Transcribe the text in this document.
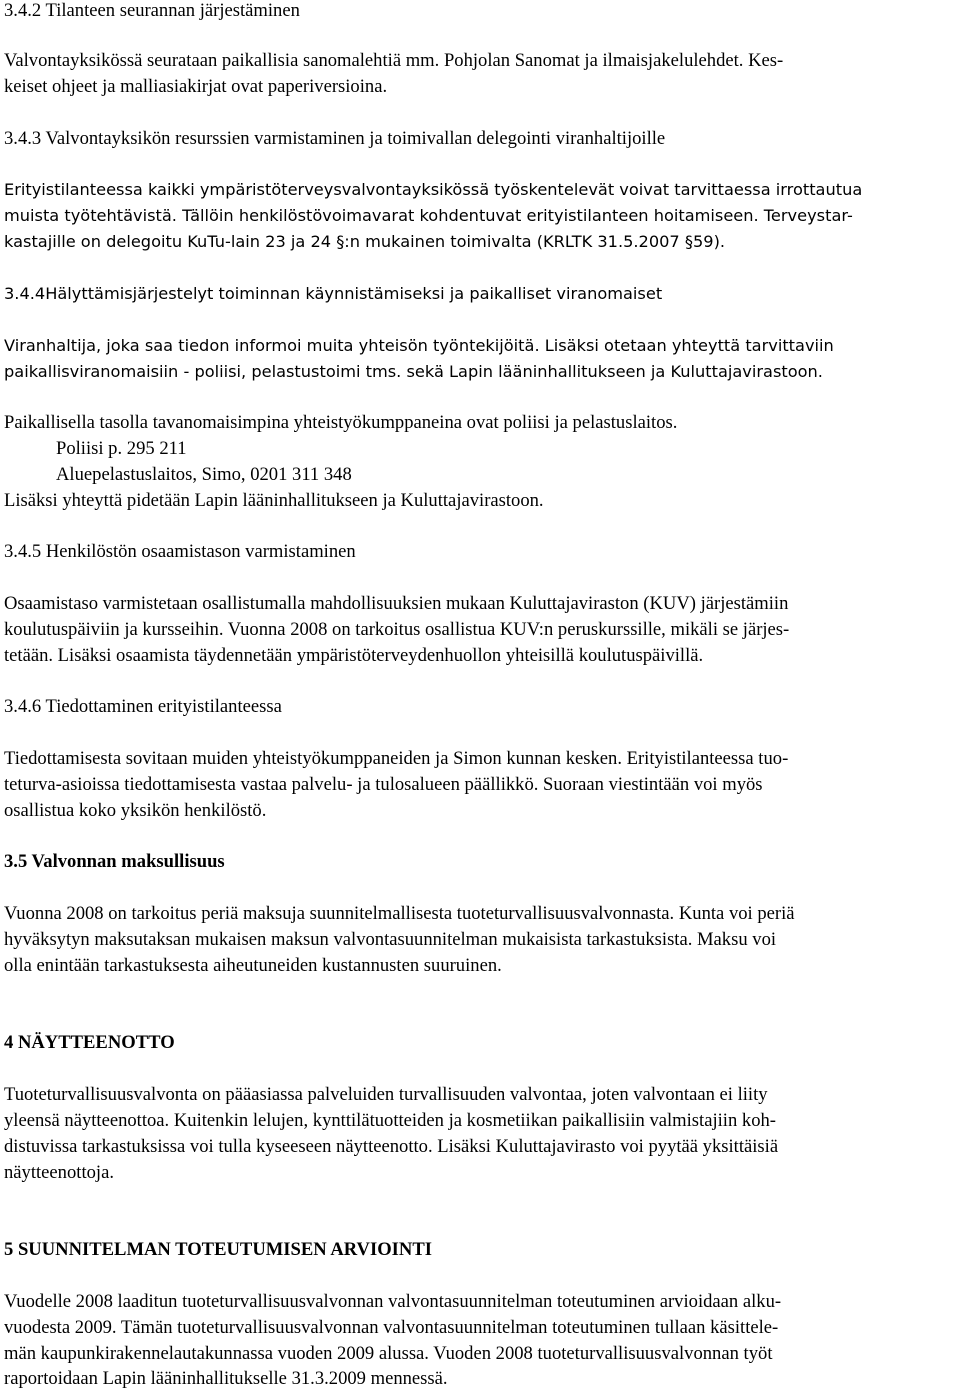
3.4.2 Tilanteen seurannan järjestäminen
Valvontayksikössä seurataan paikallisia sanomalehtiä mm. Pohjolan Sanomat ja ilmaisjakelulehdet. Kes-
keiset ohjeet ja malliasiakirjat ovat paperiversioina.
3.4.3 Valvontayksikön resurssien varmistaminen ja toimivallan delegointi viranhaltijoille
Erityistilanteessa kaikki ympäristöterveysvalvontayksikössä työskentelevät voivat tarvittaessa irrottautua
muista työtehtävistä. Tällöin henkilöstövoimavarat kohdentuvat erityistilanteen hoitamiseen. Terveystar-
kastajille on delegoitu KuTu-lain 23 ja 24 §:n mukainen toimivalta (KRLTK 31.5.2007 §59).
3.4.4Hälyttämisjärjestelyt toiminnan käynnistämiseksi ja paikalliset viranomaiset
Viranhaltija, joka saa tiedon informoi muita yhteisön työntekijöitä. Lisäksi otetaan yhteyttä tarvittaviin
paikallisviranomaisiin - poliisi, pelastustoimi tms. sekä Lapin lääninhallitukseen ja Kuluttajavirastoon.
Paikallisella tasolla tavanomaisimpina yhteistyökumppaneina ovat poliisi ja pelastuslaitos.
Poliisi p. 295 211
Aluepelastuslaitos, Simo, 0201 311 348
Lisäksi yhteyttä pidetään Lapin lääninhallitukseen ja Kuluttajavirastoon.
3.4.5 Henkilöstön osaamistason varmistaminen
Osaamistaso varmistetaan osallistumalla mahdollisuuksien mukaan Kuluttajaviraston (KUV) järjestämiin
koulutuspäiviin ja kursseihin. Vuonna 2008 on tarkoitus osallistua KUV:n peruskurssille, mikäli se järjes-
tetään. Lisäksi osaamista täydennetään ympäristöterveydenhuollon yhteisillä koulutuspäivillä.
3.4.6 Tiedottaminen erityistilanteessa
Tiedottamisesta sovitaan muiden yhteistyökumppaneiden ja Simon kunnan kesken. Erityistilanteessa tuo-
teturva-asioissa tiedottamisesta vastaa palvelu- ja tulosalueen päällikkö. Suoraan viestintään voi myös
osallistua koko yksikön henkilöstö.
3.5 Valvonnan maksullisuus
Vuonna 2008 on tarkoitus periä maksuja suunnitelmallisesta tuoteturvallisuusvalvonnasta. Kunta voi periä
hyväksytyn maksutaksan mukaisen maksun valvontasuunnitelman mukaisista tarkastuksista. Maksu voi
olla enintään tarkastuksesta aiheutuneiden kustannusten suuruinen.
4 NÄYTTEENOTTO
Tuoteturvallisuusvalvonta on pääasiassa palveluiden turvallisuuden valvontaa, joten valvontaan ei liity
yleensä näytteenottoa. Kuitenkin lelujen, kynttilätuotteiden ja kosmetiikan paikallisiin valmistajiin koh-
distuvissa tarkastuksissa voi tulla kyseeseen näytteenotto. Lisäksi Kuluttajavirasto voi pyytää yksittäisiä
näytteenottoja.
5 SUUNNITELMAN TOTEUTUMISEN ARVIOINTI
Vuodelle 2008 laaditun tuoteturvallisuusvalvonnan valvontasuunnitelman toteutuminen arvioidaan alku-
vuodesta 2009. Tämän tuoteturvallisuusvalvonnan valvontasuunnitelman toteutuminen tullaan käsittele-
män kaupunkirakennelautakunnassa vuoden 2009 alussa. Vuoden 2008 tuoteturvallisuusvalvonnan työt
raportoidaan Lapin lääninhallitukselle 31.3.2009 mennessä.
